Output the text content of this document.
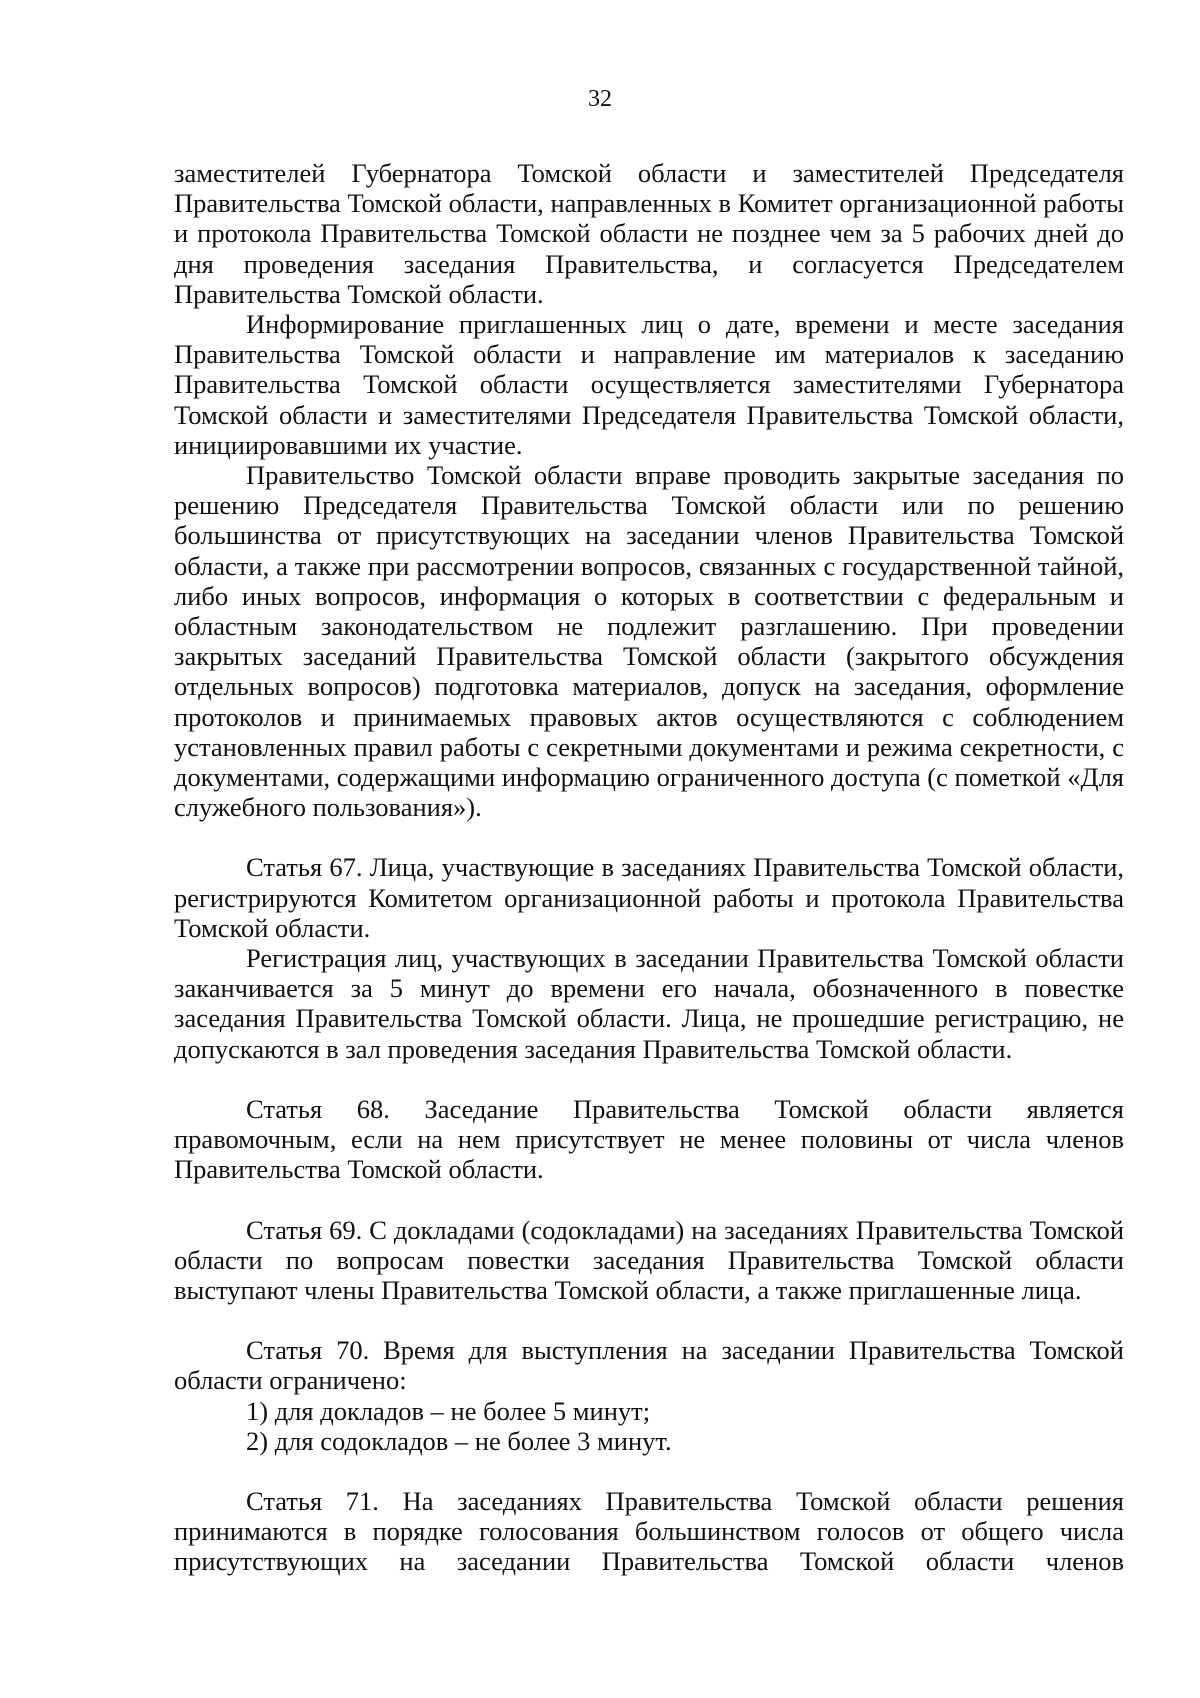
32

заместителей Губернатора Томской области и заместителей Председателя Правительства Томской области, направленных в Комитет организационной работы и протокола Правительства Томской области не позднее чем за 5 рабочих дней до дня проведения заседания Правительства, и согласуется Председателем Правительства Томской области.

Информирование приглашенных лиц о дате, времени и месте заседания Правительства Томской области и направление им материалов к заседанию Правительства Томской области осуществляется заместителями Губернатора Томской области и заместителями Председателя Правительства Томской области, инициировавшими их участие.

Правительство Томской области вправе проводить закрытые заседания по решению Председателя Правительства Томской области или по решению большинства от присутствующих на заседании членов Правительства Томской области, а также при рассмотрении вопросов, связанных с государственной тайной, либо иных вопросов, информация о которых в соответствии с федеральным и областным законодательством не подлежит разглашению. При проведении закрытых заседаний Правительства Томской области (закрытого обсуждения отдельных вопросов) подготовка материалов, допуск на заседания, оформление протоколов и принимаемых правовых актов осуществляются с соблюдением установленных правил работы с секретными документами и режима секретности, с документами, содержащими информацию ограниченного доступа (с пометкой «Для служебного пользования»).

Статья 67. Лица, участвующие в заседаниях Правительства Томской области, регистрируются Комитетом организационной работы и протокола Правительства Томской области.

Регистрация лиц, участвующих в заседании Правительства Томской области заканчивается за 5 минут до времени его начала, обозначенного в повестке заседания Правительства Томской области. Лица, не прошедшие регистрацию, не допускаются в зал проведения заседания Правительства Томской области.

Статья 68. Заседание Правительства Томской области является правомочным, если на нем присутствует не менее половины от числа членов Правительства Томской области.

Статья 69. С докладами (содокладами) на заседаниях Правительства Томской области по вопросам повестки заседания Правительства Томской области выступают члены Правительства Томской области, а также приглашенные лица.

Статья 70. Время для выступления на заседании Правительства Томской области ограничено:

1) для докладов – не более 5 минут;

2) для содокладов – не более 3 минут.

Статья 71. На заседаниях Правительства Томской области решения принимаются в порядке голосования большинством голосов от общего числа присутствующих на заседании Правительства Томской области членов
